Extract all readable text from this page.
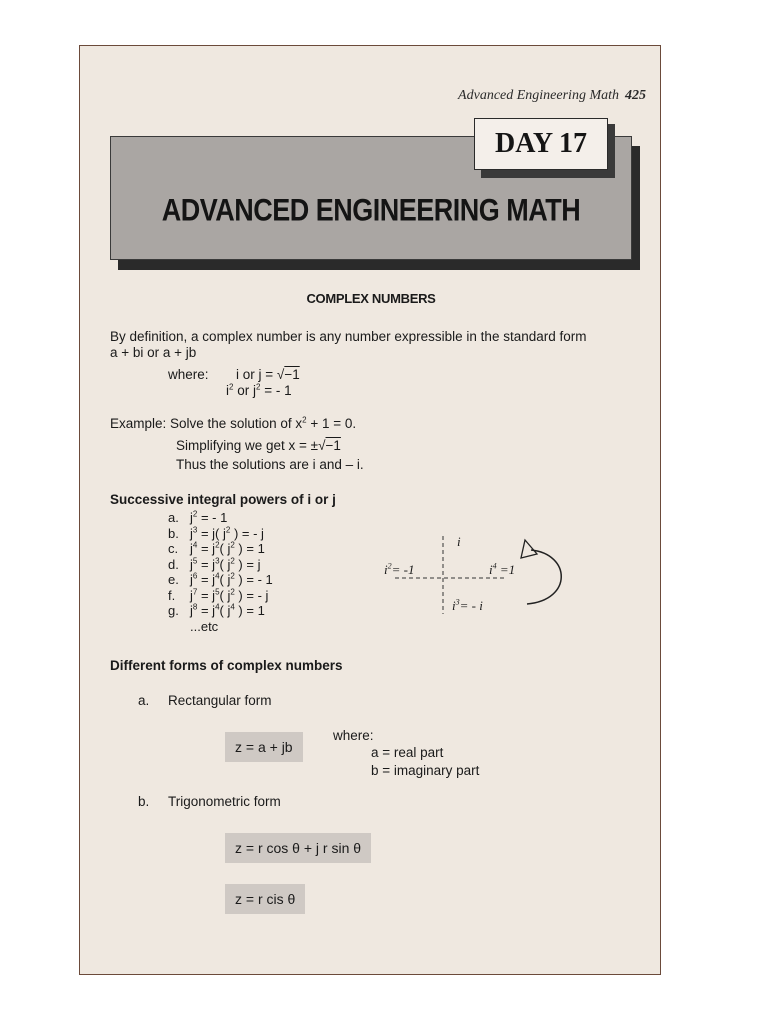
Advanced Engineering Math 425
ADVANCED ENGINEERING MATH
DAY 17
COMPLEX NUMBERS
By definition, a complex number is any number expressible in the standard form
a + bi or a + jb
where: i or j = √−1
$i^2$ or $j^2$ = - 1
Example: Solve the solution of $x^2 + 1 = 0$.
Simplifying we get x = ±√−1
Thus the solutions are i and – i.
Successive integral powers of i or j
a. $j^2$ = - 1
b. $j^3 = j$( $j^2$ ) = - j
c. $j^4 = j^2$( $j^2$ ) = 1
d. $j^5 = j^3$( $j^2$ ) = j
e. $j^6 = j^4$( $j^2$ ) = - 1
f. $j^7 = j^5$( $j^2$ ) = - j
g. $j^8 = j^4$( $j^4$ ) = 1
...etc
i
$i^2= -1$	$i^4 =1$
$i^3= - i$
Different forms of complex numbers
a. Rectangular form
z = a + jb
where:
a = real part
b = imaginary part
b. Trigonometric form
z = r cos θ + j r sin θ
z = r cis θ
